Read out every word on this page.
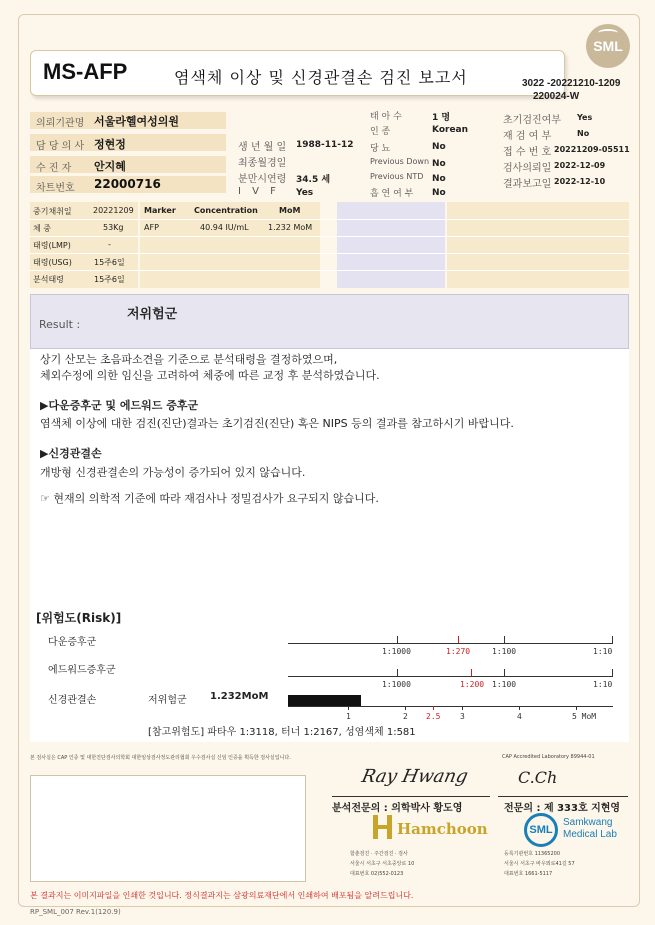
MS-AFP	염색체 이상 및 신경관결손 검진 보고서	3022 -20221210-1209
220024-W
SML
의뢰기관명 서울라헬여성의원
담 당 의 사 정현정
수 진 자 안지혜
차트번호 22000716
생 년 월 일 1988-11-12
최종월경일
분만시연령 34.5 세
I V F Yes
태 아 수	1 명
인 종	Korean
당 뇨	No
Previous Down No
Previous NTD No
흡 연 여 부 No
초기검진여부 Yes
재 검 여 부	No
접 수 번 호 20221209-05511
검사의뢰일 2022-12-09
결과보고일 2022-12-10
중기채취일	20221209
체 중	53Kg
태령(LMP)	-
태령(USG)	15주6일
분석태령	15주6일
Marker Concentration	MoM
AFP	40.94 IU/mL 1.232 MoM
Result :
저위험군
상기 산모는 초음파소견을 기준으로 분석태령을 결정하였으며,
체외수정에 의한 임신을 고려하여 체중에 따른 교정 후 분석하였습니다.
▶다운증후군 및 에드워드 증후군
염색체 이상에 대한 검진(진단)결과는 초기검진(진단) 혹은 NIPS 등의 결과를 참고하시기 바랍니다.
▶신경관결손
개방형 신경관결손의 가능성이 증가되어 있지 않습니다.
☞ 현재의 의학적 기준에 따라 재검사나 정밀검사가 요구되지 않습니다.
[위험도(Risk)]
다운증후군
에드워드증후군
신경관결손	저위험군 1.232MoM
1:1000	1:270	1:100	1:10
1:1000	1:200 1:100	1:10
1	2 2.5 3	4	5 MoM
[참고위험도] 파타우 1:3118, 터너 1:2167, 성염색체 1:581
본 검사실은 CAP 인증 및 대한진단검사의학회 대한임상검사정도관리협회 우수검사실 신임 인증을 획득한 검사실입니다.	CAP Accredited Laboratory 89944-01
Ray Hwang
분석전문의 : 의학박사 황도영
C.Ch
전문의 : 제 333호 지현영
Hamchoon
함춘검진 · 주간검진 · 검사
서울시 서초구 서초중앙로 10
대표번호 02)552-0123
SML
Samkwang
Medical Lab
등록기관번호 11365200
서울시 서초구 바우뫼로41길 57
대표번호 1661-5117
본 결과지는 이미지파일을 인쇄한 것입니다. 정식결과지는 삼광의료재단에서 인쇄하여 배포됨을 알려드립니다.
RP_SML_007 Rev.1(120.9)
